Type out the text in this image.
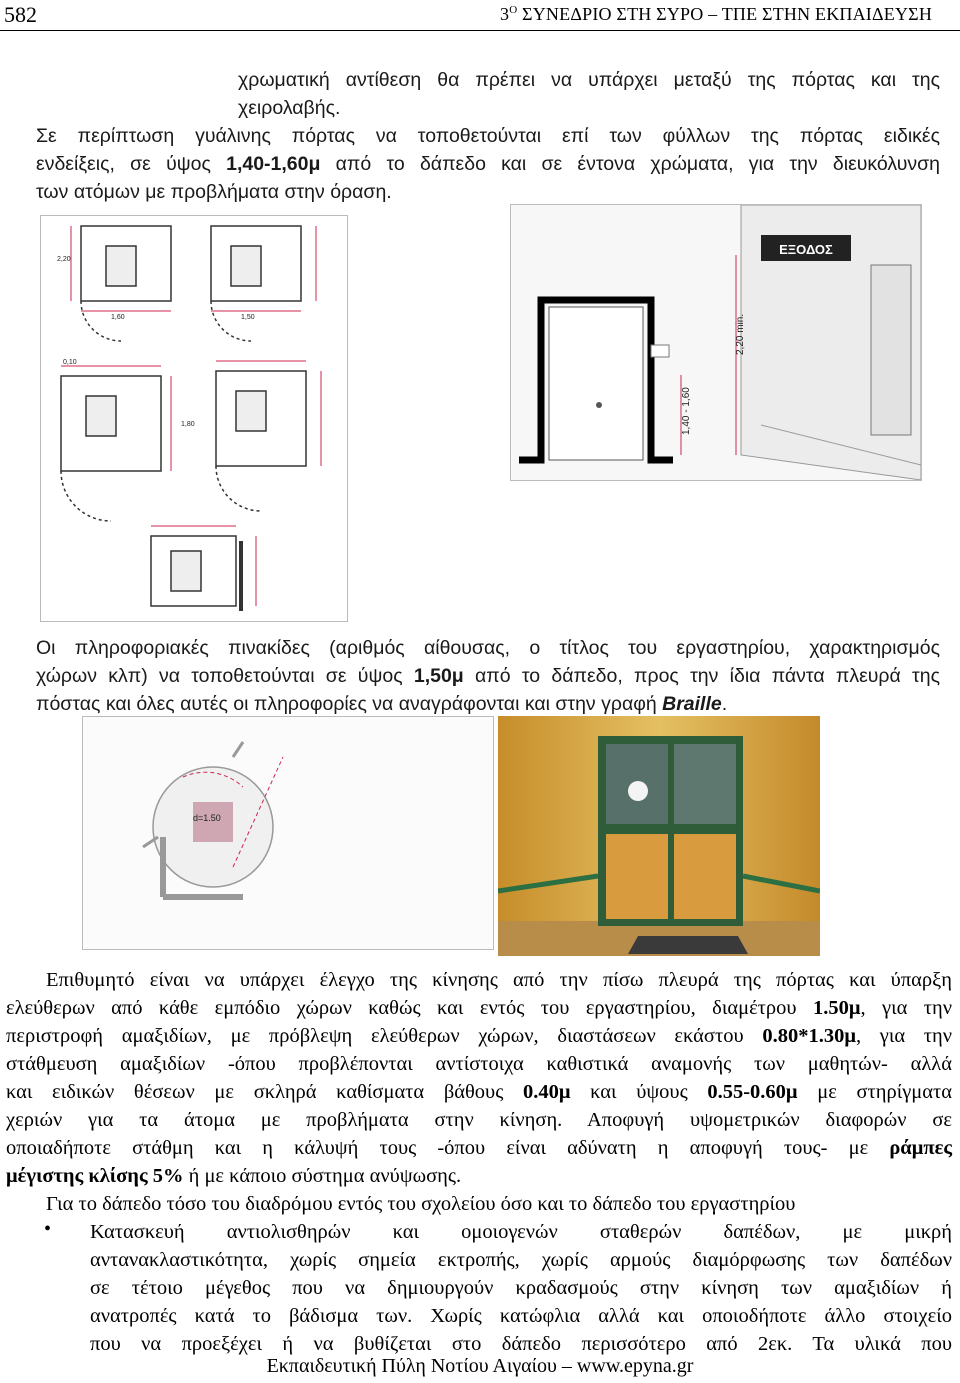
582	$3^O$ ΣΥΝΕΔΡΙΟ ΣΤΗ ΣΥΡΟ – ΤΠΕ ΣΤΗΝ ΕΚΠΑΙΔΕΥΣΗ
χρωματική αντίθεση θα πρέπει να υπάρχει μεταξύ της πόρτας και της
χειρολαβής.
Σε περίπτωση γυάλινης πόρτας να τοποθετούνται επί των φύλλων της πόρτας ειδικές
ενδείξεις, σε ύψος 1,40-1,60μ από το δάπεδο και σε έντονα χρώματα, για την διευκόλυνση
των ατόμων με προβλήματα στην όραση.
1,60	1,50
0,10
1,80
2,20
ΕΞΟΔΟΣ
2,20 min.
1,40 - 1,60
Οι πληροφοριακές πινακίδες (αριθμός αίθουσας, ο τίτλος του εργαστηρίου, χαρακτηρισμός
χώρων κλπ) να τοποθετούνται σε ύψος 1,50μ από το δάπεδο, προς την ίδια πάντα πλευρά της
πόστας και όλες αυτές οι πληροφορίες να αναγράφονται και στην γραφή Braille.
d=1.50
Επιθυμητό είναι να υπάρχει έλεγχο της κίνησης από την πίσω πλευρά της πόρτας και ύπαρξη
ελεύθερων από κάθε εμπόδιο χώρων καθώς και εντός του εργαστηρίου, διαμέτρου 1.50μ, για την
περιστροφή αμαξιδίων, με πρόβλεψη ελεύθερων χώρων, διαστάσεων εκάστου 0.80*1.30μ, για την
στάθμευση αμαξιδίων -όπου προβλέπονται αντίστοιχα καθιστικά αναμονής των μαθητών- αλλά
και ειδικών θέσεων με σκληρά καθίσματα βάθους 0.40μ και ύψους 0.55-0.60μ με στηρίγματα
χεριών για τα άτομα με προβλήματα στην κίνηση. Αποφυγή υψομετρικών διαφορών σε
οποιαδήποτε στάθμη και η κάλυψή τους -όπου είναι αδύνατη η αποφυγή τους- με ράμπες
μέγιστης κλίσης 5% ή με κάποιο σύστημα ανύψωσης.
Για το δάπεδο τόσο του διαδρόμου εντός του σχολείου όσο και το δάπεδο του εργαστηρίου
• Κατασκευή αντιολισθηρών και ομοιογενών σταθερών δαπέδων, με μικρή
αντανακλαστικότητα, χωρίς σημεία εκτροπής, χωρίς αρμούς διαμόρφωσης των δαπέδων
σε τέτοιο μέγεθος που να δημιουργούν κραδασμούς στην κίνηση των αμαξιδίων ή
ανατροπές κατά το βάδισμα των. Χωρίς κατώφλια αλλά και οποιοδήποτε άλλο στοιχείο
που να προεξέχει ή να βυθίζεται στο δάπεδο περισσότερο από 2εκ. Τα υλικά που
Εκπαιδευτική Πύλη Νοτίου Αιγαίου – www.epyna.gr
